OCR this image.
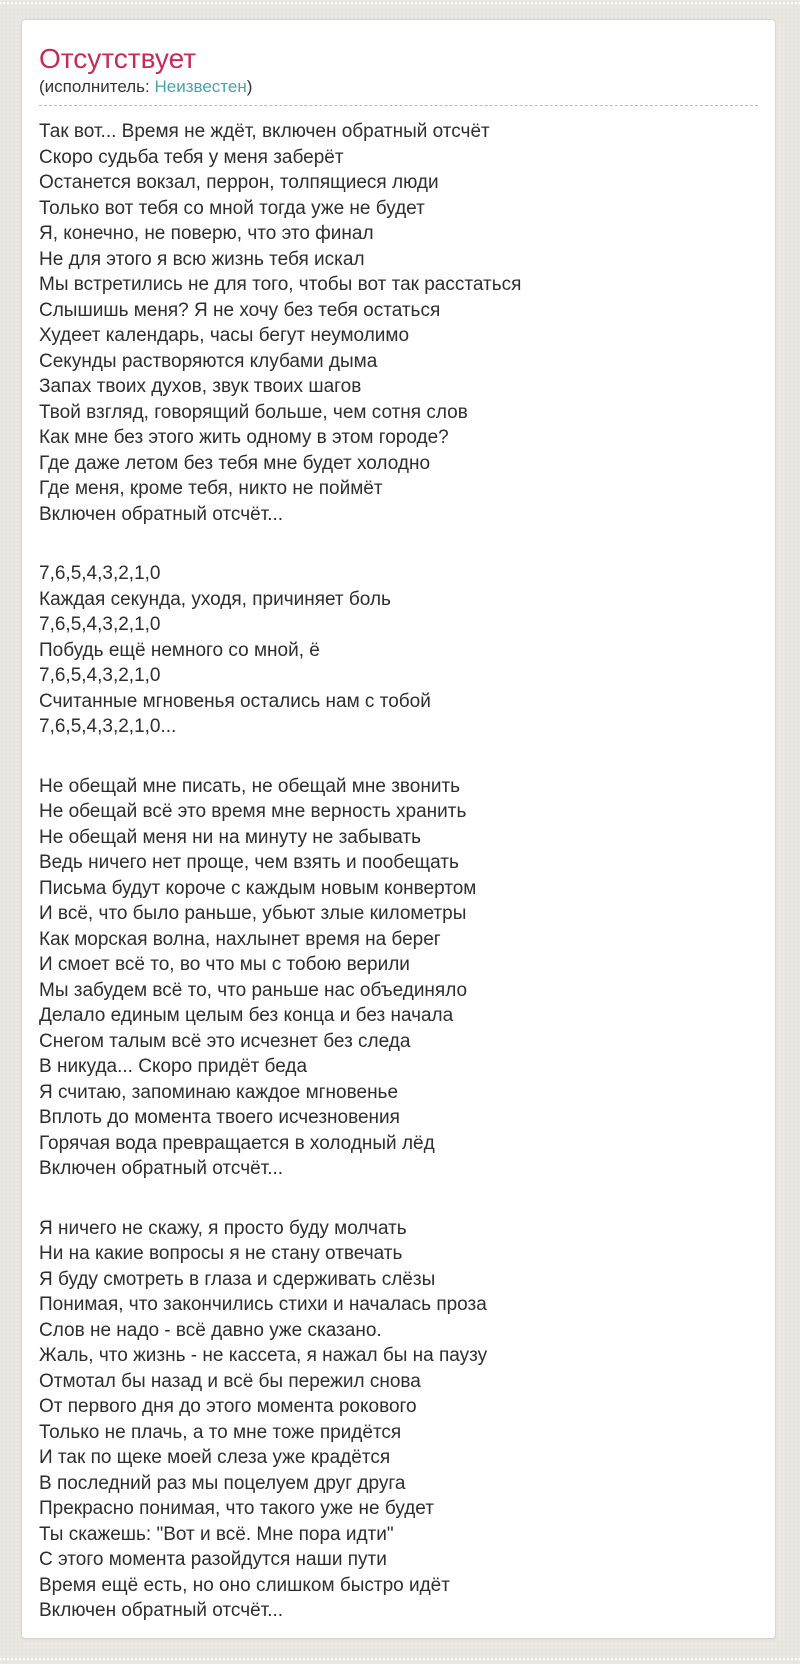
Отсутствует
(исполнитель: Неизвестен)

Так вот... Время не ждёт, включен обратный отсчёт
Скоро судьба тебя у меня заберёт
Останется вокзал, перрон, толпящиеся люди
Только вот тебя со мной тогда уже не будет
Я, конечно, не поверю, что это финал
Не для этого я всю жизнь тебя искал
Мы встретились не для того, чтобы вот так расстаться
Слышишь меня? Я не хочу без тебя остаться
Худеет календарь, часы бегут неумолимо
Секунды растворяются клубами дыма
Запах твоих духов, звук твоих шагов
Твой взгляд, говорящий больше, чем сотня слов
Как мне без этого жить одному в этом городе?
Где даже летом без тебя мне будет холодно
Где меня, кроме тебя, никто не поймёт
Включен обратный отсчёт...

7,6,5,4,3,2,1,0
Каждая секунда, уходя, причиняет боль
7,6,5,4,3,2,1,0
Побудь ещё немного со мной, ё
7,6,5,4,3,2,1,0
Считанные мгновенья остались нам с тобой
7,6,5,4,3,2,1,0...

Не обещай мне писать, не обещай мне звонить
Не обещай всё это время мне верность хранить
Не обещай меня ни на минуту не забывать
Ведь ничего нет проще, чем взять и пообещать
Письма будут короче с каждым новым конвертом
И всё, что было раньше, убьют злые километры
Как морская волна, нахлынет время на берег
И смоет всё то, во что мы с тобою верили
Мы забудем всё то, что раньше нас объединяло
Делало единым целым без конца и без начала
Снегом талым всё это исчезнет без следа
В никуда... Скоро придёт беда
Я считаю, запоминаю каждое мгновенье
Вплоть до момента твоего исчезновения
Горячая вода превращается в холодный лёд
Включен обратный отсчёт...

Я ничего не скажу, я просто буду молчать
Ни на какие вопросы я не стану отвечать
Я буду смотреть в глаза и сдерживать слёзы
Понимая, что закончились стихи и началась проза
Слов не надо - всё давно уже сказано.
Жаль, что жизнь - не кассета, я нажал бы на паузу
Отмотал бы назад и всё бы пережил снова
От первого дня до этого момента рокового
Только не плачь, а то мне тоже придётся
И так по щеке моей слеза уже крадётся
В последний раз мы поцелуем друг друга
Прекрасно понимая, что такого уже не будет
Ты скажешь: "Вот и всё. Мне пора идти"
С этого момента разойдутся наши пути
Время ещё есть, но оно слишком быстро идёт
Включен обратный отсчёт...
